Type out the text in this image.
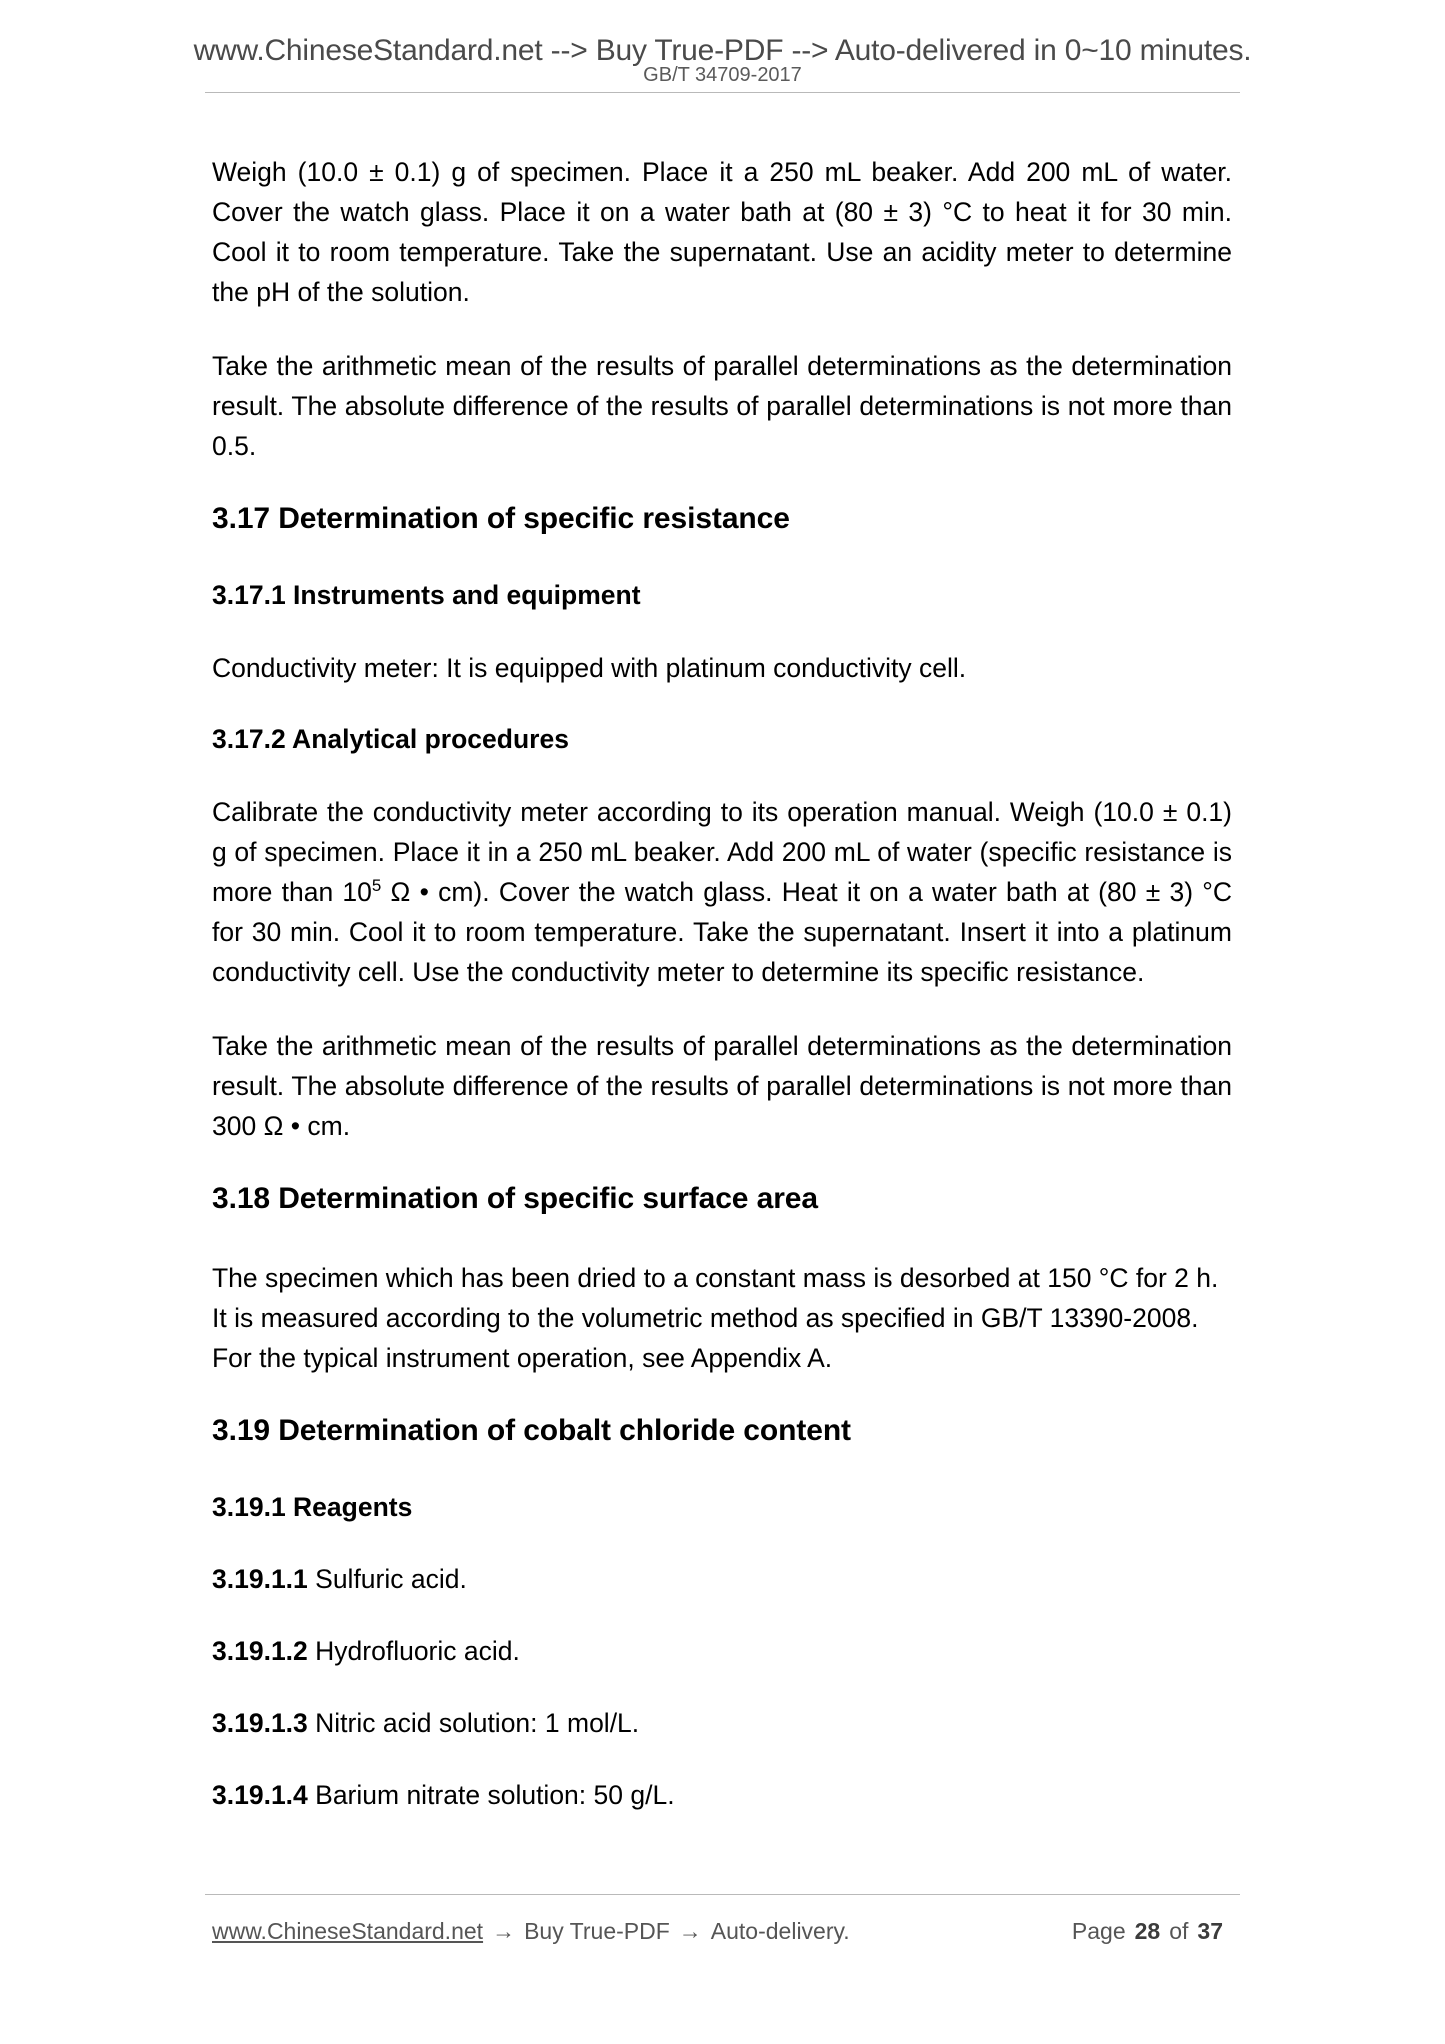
www.ChineseStandard.net --> Buy True-PDF --> Auto-delivered in 0~10 minutes.
GB/T 34709-2017

Weigh (10.0 ± 0.1) g of specimen. Place it a 250 mL beaker. Add 200 mL of water. Cover the watch glass. Place it on a water bath at (80 ± 3) °C to heat it for 30 min. Cool it to room temperature. Take the supernatant. Use an acidity meter to determine the pH of the solution.

Take the arithmetic mean of the results of parallel determinations as the determination result. The absolute difference of the results of parallel determinations is not more than 0.5.

3.17 Determination of specific resistance
3.17.1 Instruments and equipment

Conductivity meter: It is equipped with platinum conductivity cell.

3.17.2 Analytical procedures

Calibrate the conductivity meter according to its operation manual. Weigh (10.0 ± 0.1) g of specimen. Place it in a 250 mL beaker. Add 200 mL of water (specific resistance is more than $10^5$ Ω • cm). Cover the watch glass. Heat it on a water bath at (80 ± 3) °C for 30 min. Cool it to room temperature. Take the supernatant. Insert it into a platinum conductivity cell. Use the conductivity meter to determine its specific resistance.

Take the arithmetic mean of the results of parallel determinations as the determination result. The absolute difference of the results of parallel determinations is not more than 300 Ω • cm.

3.18 Determination of specific surface area

The specimen which has been dried to a constant mass is desorbed at 150 °C for 2 h. It is measured according to the volumetric method as specified in GB/T 13390-2008. For the typical instrument operation, see Appendix A.

3.19 Determination of cobalt chloride content
3.19.1 Reagents

3.19.1.1 Sulfuric acid.

3.19.1.2 Hydrofluoric acid.

3.19.1.3 Nitric acid solution: 1 mol/L.

3.19.1.4 Barium nitrate solution: 50 g/L.

www.ChineseStandard.net → Buy True-PDF → Auto-delivery.	Page 28 of 37
